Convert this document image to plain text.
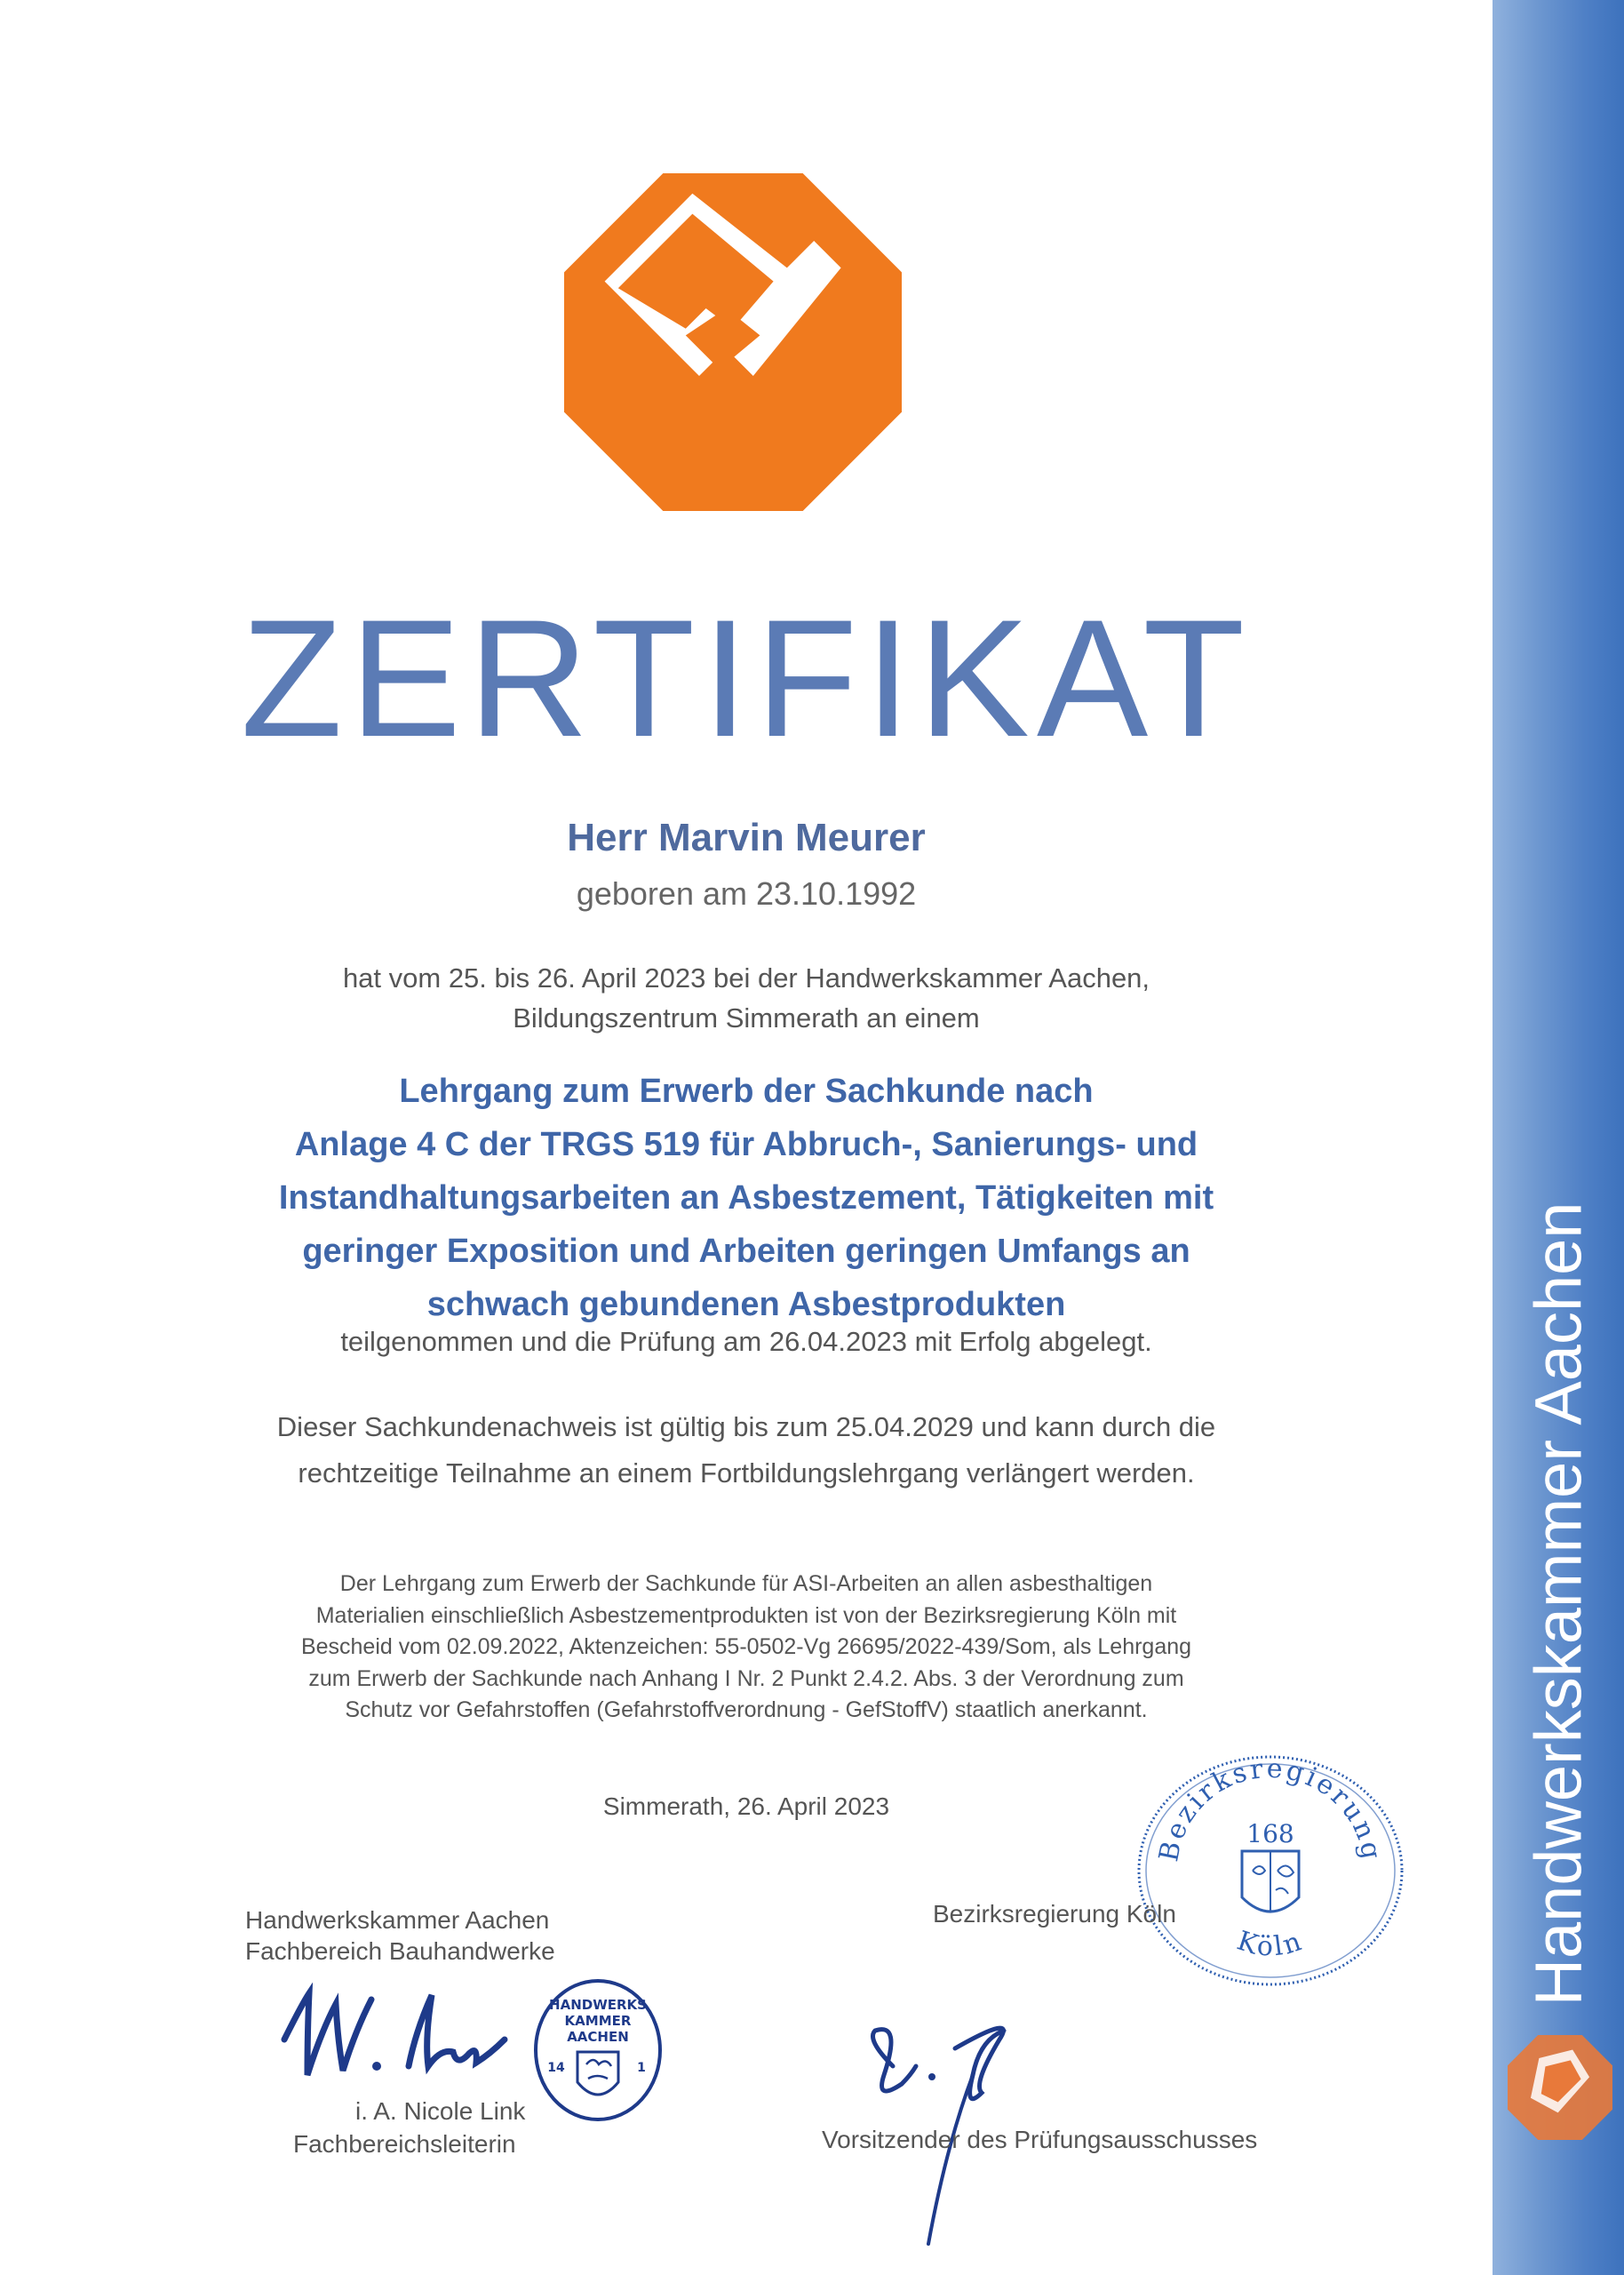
Handwerkskammer Aachen
ZERTIFIKAT
Herr Marvin Meurer
geboren am 23.10.1992
hat vom 25. bis 26. April 2023 bei der Handwerkskammer Aachen,
Bildungszentrum Simmerath an einem
Lehrgang zum Erwerb der Sachkunde nach
Anlage 4 C der TRGS 519 für Abbruch-, Sanierungs- und
Instandhaltungsarbeiten an Asbestzement, Tätigkeiten mit
geringer Exposition und Arbeiten geringen Umfangs an
schwach gebundenen Asbestprodukten
teilgenommen und die Prüfung am 26.04.2023 mit Erfolg abgelegt.
Dieser Sachkundenachweis ist gültig bis zum 25.04.2029 und kann durch die
rechtzeitige Teilnahme an einem Fortbildungslehrgang verlängert werden.
Der Lehrgang zum Erwerb der Sachkunde für ASI-Arbeiten an allen asbesthaltigen
Materialien einschließlich Asbestzementprodukten ist von der Bezirksregierung Köln mit
Bescheid vom 02.09.2022, Aktenzeichen: 55-0502-Vg 26695/2022-439/Som, als Lehrgang
zum Erwerb der Sachkunde nach Anhang I Nr. 2 Punkt 2.4.2. Abs. 3 der Verordnung zum
Schutz vor Gefahrstoffen (Gefahrstoffverordnung - GefStoffV) staatlich anerkannt.
Simmerath, 26. April 2023
Bezirksregierung
168
Köln
Handwerkskammer Aachen
Fachbereich Bauhandwerke
HANDWERKS
KAMMER
AACHEN
14	1
i. A. Nicole Link
Fachbereichsleiterin
Bezirksregierung Köln
Vorsitzender des Prüfungsausschusses
